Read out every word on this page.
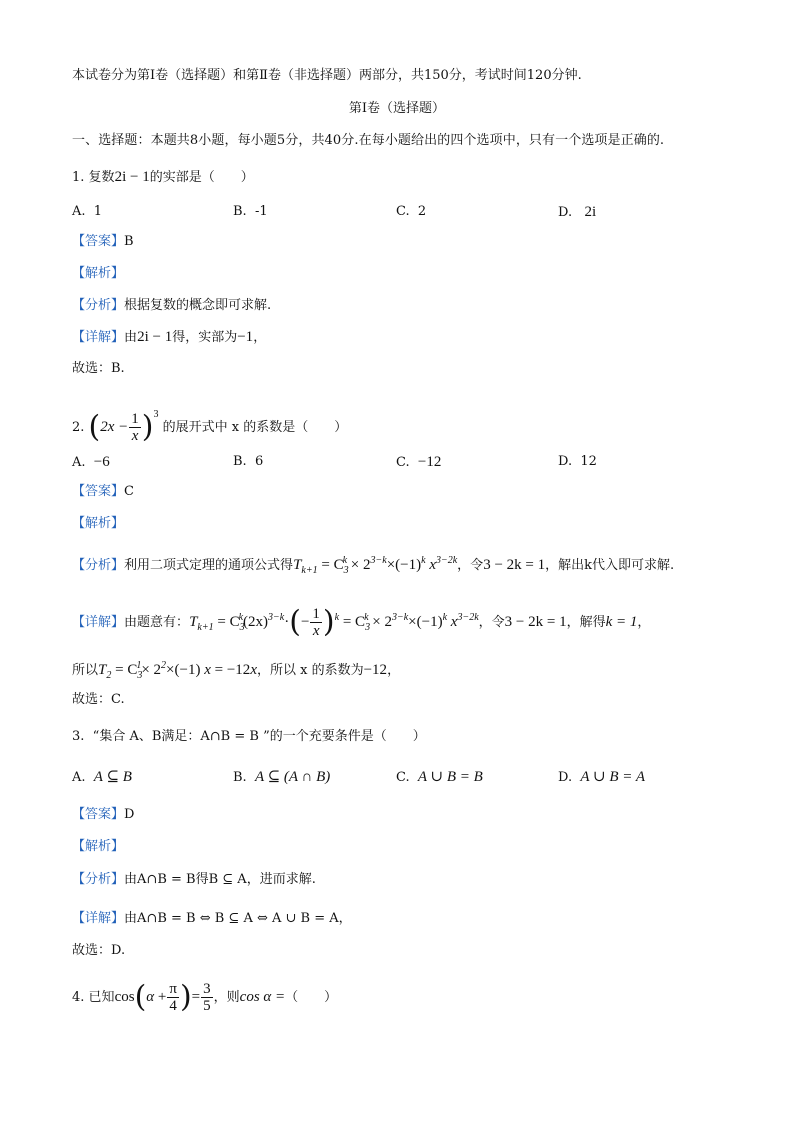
本试卷分为第Ⅰ卷（选择题）和第Ⅱ卷（非选择题）两部分，共150分，考试时间120分钟.
第Ⅰ卷（选择题）
一、选择题：本题共8小题，每小题5分，共40分.在每小题给出的四个选项中，只有一个选项是正确的.
1. 复数2i − 1的实部是（　　）
A. 1	B. -1	C. 2	D. 2i
【答案】B
【解析】
【分析】根据复数的概念即可求解.
【详解】由2i − 1得，实部为−1，
故选：B.
2. $(2x - \frac{1}{x} )^3$ 的展开式中 x 的系数是（　　）
A. −6	B. 6	C. −12	D. 12
【答案】C
【解析】
【分析】利用二项式定理的通项公式得$T_{k+1} = C_3^k \times 2^{3-k}\times(-1)^k$ $x^{3-2k}$，令3 − 2k = 1，解出k代入即可求解.
【详解】由题意有：$T_{k+1} = C_3^k(2x)^{3-k}\cdot(- \frac{1}{x} )^k = C_3^k \times 2^{3-k}\times(-1)^k$ $x^{3-2k}$，令3 − 2k = 1，解得k = 1，
所以$T_2 = C_3^1\times 2^2\times(-1) x = -12x$，所以 x 的系数为−12，
故选：C.
3. “集合 A、B满足：A∩B = B ”的一个充要条件是（　　）
A. A ⊆ B	B. A ⊆ (A ∩ B)	C. A ∪ B = B	D. A ∪ B = A
【答案】D
【解析】
【分析】由A∩B = B得B ⊆ A，进而求解.
【详解】由A∩B = B ⇔ B ⊆ A ⇔ A ∪ B = A，
故选：D.
4. 已知$\cos(\alpha + \frac{\pi}{4}$ )= $\frac{3}{5}$ ，则cos α =（　　）
